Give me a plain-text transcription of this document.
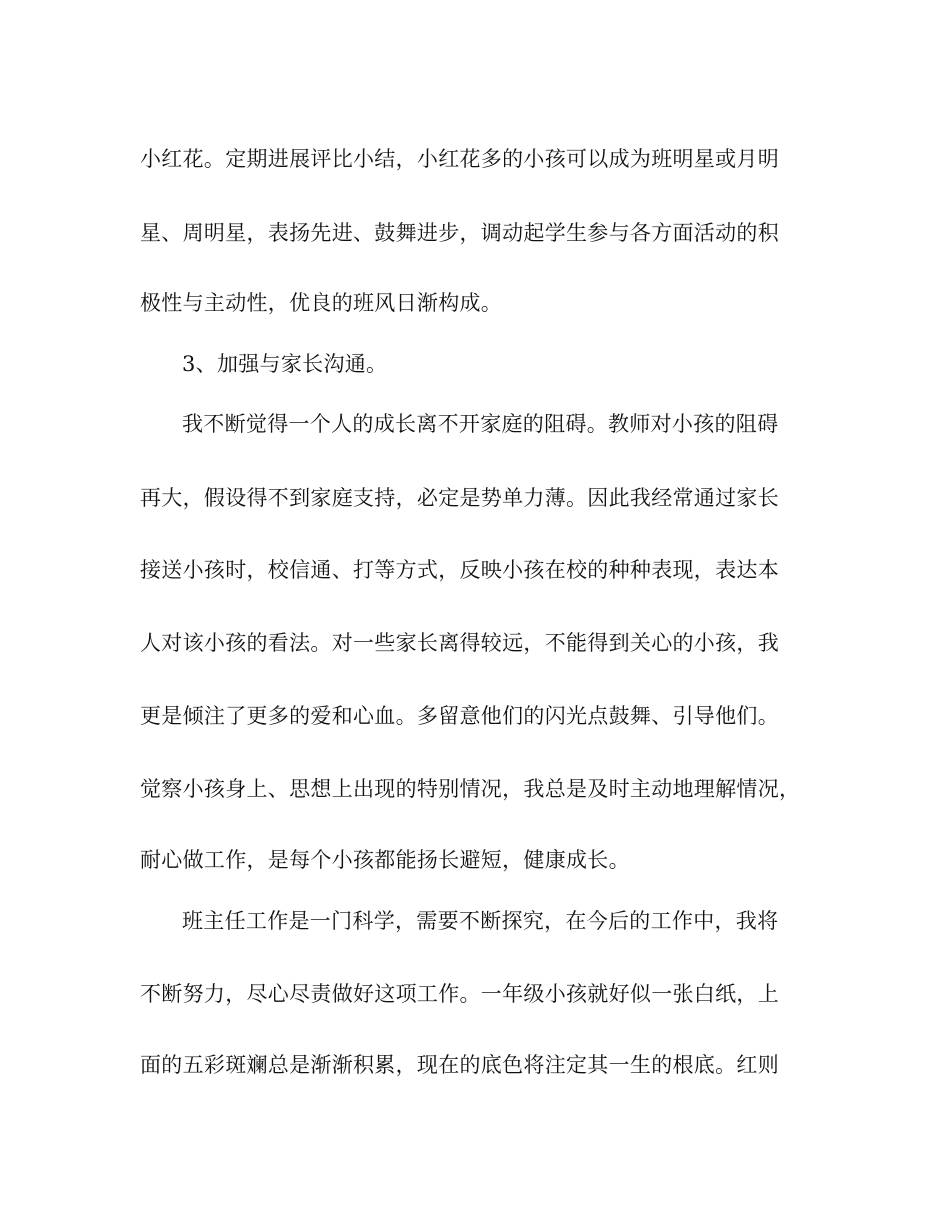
小红花。定期进展评比小结，小红花多的小孩可以成为班明星或月明

星、周明星，表扬先进、鼓舞进步，调动起学生参与各方面活动的积

极性与主动性，优良的班风日渐构成。

3、加强与家长沟通。

我不断觉得一个人的成长离不开家庭的阻碍。教师对小孩的阻碍

再大，假设得不到家庭支持，必定是势单力薄。因此我经常通过家长

接送小孩时，校信通、打等方式，反映小孩在校的种种表现，表达本

人对该小孩的看法。对一些家长离得较远，不能得到关心的小孩，我

更是倾注了更多的爱和心血。多留意他们的闪光点鼓舞、引导他们。

觉察小孩身上、思想上出现的特别情况，我总是及时主动地理解情况，

耐心做工作，是每个小孩都能扬长避短，健康成长。

班主任工作是一门科学，需要不断探究，在今后的工作中，我将

不断努力，尽心尽责做好这项工作。一年级小孩就好似一张白纸，上

面的五彩斑斓总是渐渐积累，现在的底色将注定其一生的根底。红则
